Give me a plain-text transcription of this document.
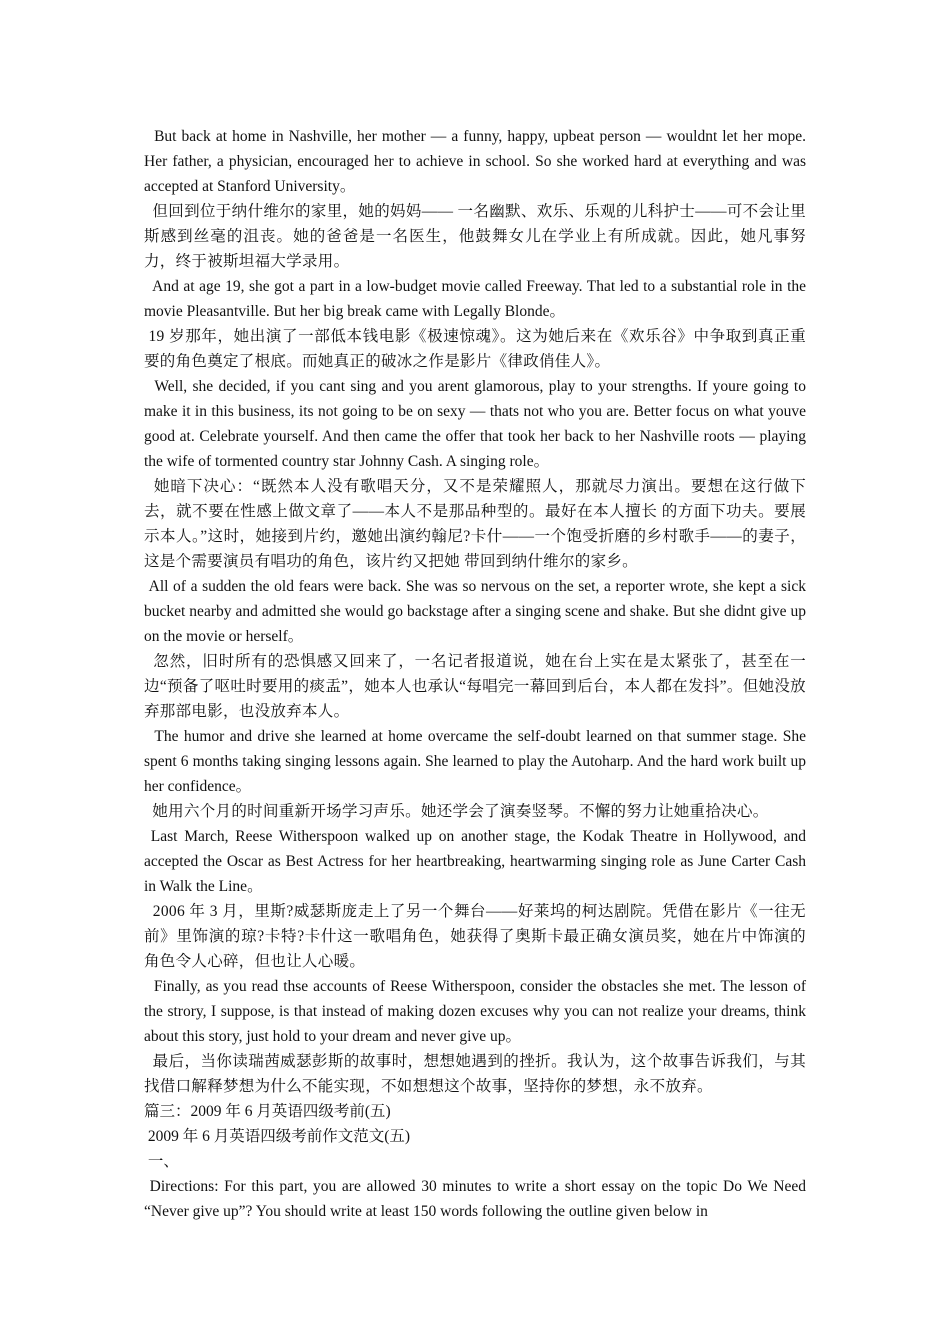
But back at home in Nashville, her mother — a funny, happy, upbeat person — wouldnt let her mope. Her father, a physician, encouraged her to achieve in school. So she worked hard at everything and was accepted at Stanford University。

但回到位于纳什维尔的家里，她的妈妈—— 一名幽默、欢乐、乐观的儿科护士——可不会让里斯感到丝毫的沮丧。她的爸爸是一名医生，他鼓舞女儿在学业上有所成就。因此，她凡事努力，终于被斯坦福大学录用。

And at age 19, she got a part in a low-budget movie called Freeway. That led to a substantial role in the movie Pleasantville. But her big break came with Legally Blonde。

19 岁那年，她出演了一部低本钱电影《极速惊魂》。这为她后来在《欢乐谷》中争取到真正重要的角色奠定了根底。而她真正的破冰之作是影片《律政俏佳人》。

Well, she decided, if you cant sing and you arent glamorous, play to your strengths. If youre going to make it in this business, its not going to be on sexy — thats not who you are. Better focus on what youve good at. Celebrate yourself. And then came the offer that took her back to her Nashville roots — playing the wife of tormented country star Johnny Cash. A singing role。

她暗下决心：“既然本人没有歌唱天分，又不是荣耀照人，那就尽力演出。要想在这行做下去，就不要在性感上做文章了——本人不是那品种型的。最好在本人擅长 的方面下功夫。要展示本人。”这时，她接到片约，邀她出演约翰尼?卡什——一个饱受折磨的乡村歌手——的妻子，这是个需要演员有唱功的角色，该片约又把她 带回到纳什维尔的家乡。

All of a sudden the old fears were back. She was so nervous on the set, a reporter wrote, she kept a sick bucket nearby and admitted she would go backstage after a singing scene and shake. But she didnt give up on the movie or herself。

忽然，旧时所有的恐惧感又回来了，一名记者报道说，她在台上实在是太紧张了，甚至在一边“预备了呕吐时要用的痰盂”，她本人也承认“每唱完一幕回到后台，本人都在发抖”。但她没放弃那部电影，也没放弃本人。

The humor and drive she learned at home overcame the self-doubt learned on that summer stage. She spent 6 months taking singing lessons again. She learned to play the Autoharp. And the hard work built up her confidence。

她用六个月的时间重新开场学习声乐。她还学会了演奏竖琴。不懈的努力让她重拾决心。

Last March, Reese Witherspoon walked up on another stage, the Kodak Theatre in Hollywood, and accepted the Oscar as Best Actress for her heartbreaking, heartwarming singing role as June Carter Cash in Walk the Line。

2006 年 3 月，里斯?威瑟斯庞走上了另一个舞台——好莱坞的柯达剧院。凭借在影片《一往无前》里饰演的琼?卡特?卡什这一歌唱角色，她获得了奥斯卡最正确女演员奖，她在片中饰演的角色令人心碎，但也让人心暖。

Finally, as you read thse accounts of Reese Witherspoon, consider the obstacles she met. The lesson of the strory, I suppose, is that instead of making dozen excuses why you can not realize your dreams, think about this story, just hold to your dream and never give up。

最后，当你读瑞茜威瑟彭斯的故事时，想想她遇到的挫折。我认为，这个故事告诉我们，与其找借口解释梦想为什么不能实现，不如想想这个故事，坚持你的梦想，永不放弃。

篇三：2009 年 6 月英语四级考前(五)

2009 年 6 月英语四级考前作文范文(五)

一、

Directions: For this part, you are allowed 30 minutes to write a short essay on the topic Do We Need “Never give up”? You should write at least 150 words following the outline given below in
